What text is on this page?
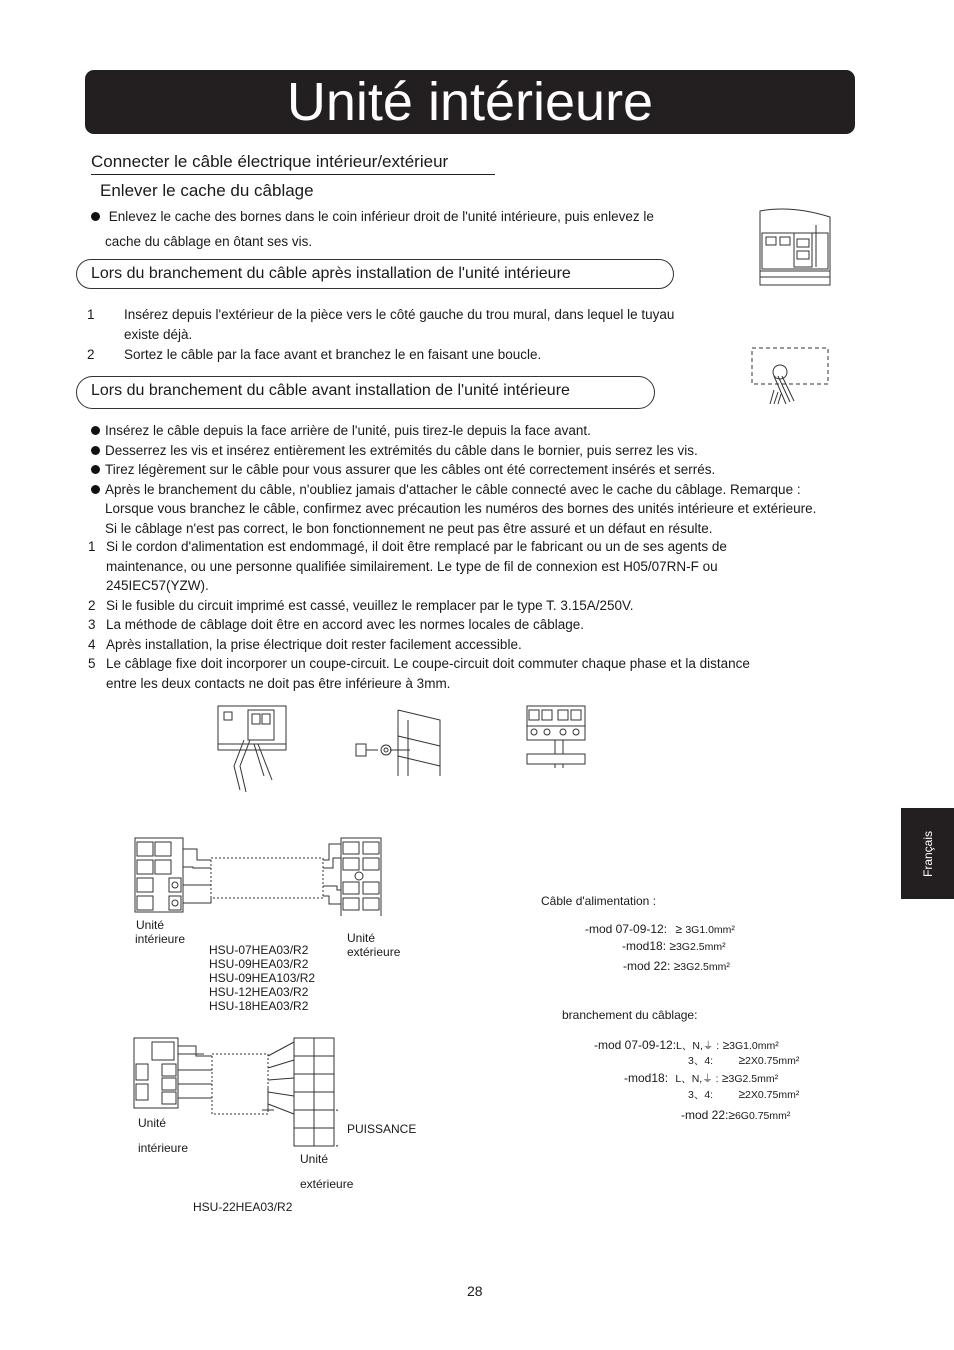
Unité intérieure
Connecter le câble électrique intérieur/extérieur
Enlever le cache du câblage
Enlevez le cache des bornes dans le coin inférieur droit de l'unité intérieure, puis enlevez le
cache du câblage en ôtant ses vis.
Lors du branchement du câble après installation de l'unité intérieure
1 Insérez depuis l'extérieur de la pièce vers le côté gauche du trou mural, dans lequel le tuyau
existe déjà.
2 Sortez le câble par la face avant et branchez le en faisant une boucle.
Lors du branchement du câble avant installation de l'unité intérieure
Insérez le câble depuis la face arrière de l'unité, puis tirez-le depuis la face avant.
Desserrez les vis et insérez entièrement les extrémités du câble dans le bornier, puis serrez les vis.
Tirez légèrement sur le câble pour vous assurer que les câbles ont été correctement insérés et serrés.
Après le branchement du câble, n'oubliez jamais d'attacher le câble connecté avec le cache du câblage. Remarque :
Lorsque vous branchez le câble, confirmez avec précaution les numéros des bornes des unités intérieure et extérieure.
Si le câblage n'est pas correct, le bon fonctionnement ne peut pas être assuré et un défaut en résulte.
1 Si le cordon d'alimentation est endommagé, il doit être remplacé par le fabricant ou un de ses agents de
maintenance, ou une personne qualifiée similairement. Le type de fil de connexion est H05/07RN-F ou
245IEC57(YZW).
2 Si le fusible du circuit imprimé est cassé, veuillez le remplacer par le type T. 3.15A/250V.
3 La méthode de câblage doit être en accord avec les normes locales de câblage.
4 Après installation, la prise électrique doit rester facilement accessible.
5 Le câblage fixe doit incorporer un coupe-circuit. Le coupe-circuit doit commuter chaque phase et la distance
entre les deux contacts ne doit pas être inférieure à 3mm.
Unité
intérieure	Unité
extérieure
HSU-07HEA03/R2
HSU-09HEA03/R2
HSU-09HEA103/R2
HSU-12HEA03/R2
HSU-18HEA03/R2
PUISSANCE
Unité
intérieure
Unité
extérieure
HSU-22HEA03/R2
Câble d'alimentation :
-mod 07-09-12: ≥ 3G1.0mm²
-mod18: ≥3G2.5mm²
-mod 22: ≥3G2.5mm²
branchement du câblage:
-mod 07-09-12:L、N,⏚ : ≥3G1.0mm²
3、4: ≥2X0.75mm²
-mod18: L、N,⏚ : ≥3G2.5mm²
3、4: ≥2X0.75mm²
-mod 22:≥6G0.75mm²
Français
28
